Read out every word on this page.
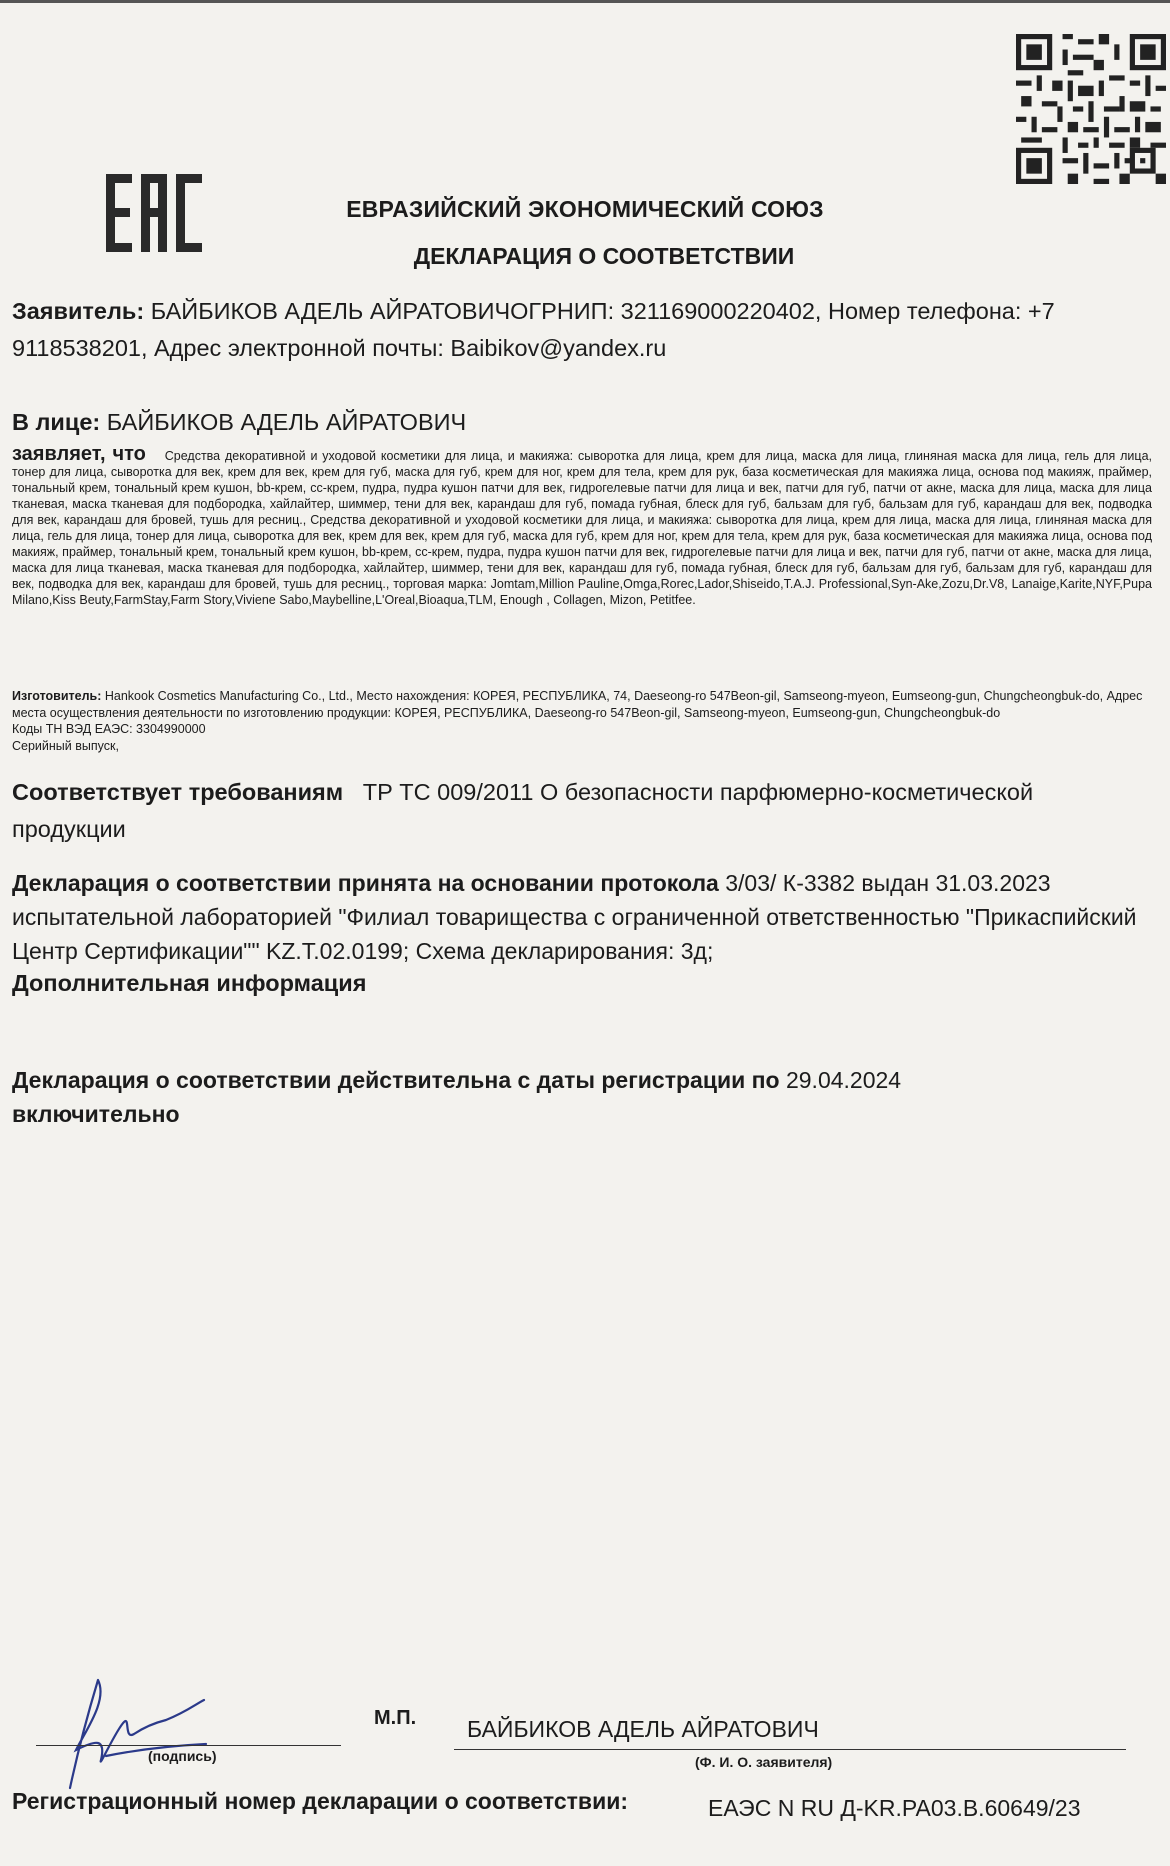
ЕВРАЗИЙСКИЙ ЭКОНОМИЧЕСКИЙ СОЮЗ
ДЕКЛАРАЦИЯ О СООТВЕТСТВИИ
Заявитель: БАЙБИКОВ АДЕЛЬ АЙРАТОВИЧОГРНИП: 321169000220402, Номер телефона: +7 9118538201, Адрес электронной почты: Baibikov@yandex.ru
В лице: БАЙБИКОВ АДЕЛЬ АЙРАТОВИЧ
заявляет, что Средства декоративной и уходовой косметики для лица, и макияжа: сыворотка для лица, крем для лица, маска для лица, глиняная маска для лица, гель для лица, тонер для лица, сыворотка для век, крем для век, крем для губ, маска для губ, крем для ног, крем для тела, крем для рук, база косметическая для макияжа лица, основа под макияж, праймер, тональный крем, тональный крем кушон, bb-крем, cc-крем, пудра, пудра кушон патчи для век, гидрогелевые патчи для лица и век, патчи для губ, патчи от акне, маска для лица, маска для лица тканевая, маска тканевая для подбородка, хайлайтер, шиммер, тени для век, карандаш для губ, помада губная, блеск для губ, бальзам для губ, бальзам для губ, карандаш для век, подводка для век, карандаш для бровей, тушь для ресниц., Средства декоративной и уходовой косметики для лица, и макияжа: сыворотка для лица, крем для лица, маска для лица, глиняная маска для лица, гель для лица, тонер для лица, сыворотка для век, крем для век, крем для губ, маска для губ, крем для ног, крем для тела, крем для рук, база косметическая для макияжа лица, основа под макияж, праймер, тональный крем, тональный крем кушон, bb-крем, cc-крем, пудра, пудра кушон патчи для век, гидрогелевые патчи для лица и век, патчи для губ, патчи от акне, маска для лица, маска для лица тканевая, маска тканевая для подбородка, хайлайтер, шиммер, тени для век, карандаш для губ, помада губная, блеск для губ, бальзам для губ, бальзам для губ, карандаш для век, подводка для век, карандаш для бровей, тушь для ресниц., торговая марка: Jomtam,Million Pauline,Omga,Rorec,Lador,Shiseido,T.A.J. Professional,Syn-Ake,Zozu,Dr.V8, Lanaige,Karite,NYF,Pupa Milano,Kiss Beuty,FarmStay,Farm Story,Viviene Sabo,Maybelline,L'Oreal,Bioaqua,TLM, Enough , Collagen, Mizon, Petitfee.
Изготовитель: Hankook Cosmetics Manufacturing Co., Ltd., Место нахождения: КОРЕЯ, РЕСПУБЛИКА, 74, Daeseong-ro 547Beon-gil, Samseong-myeon, Eumseong-gun, Chungcheongbuk-do, Адрес места осуществления деятельности по изготовлению продукции: КОРЕЯ, РЕСПУБЛИКА, Daeseong-ro 547Beon-gil, Samseong-myeon, Eumseong-gun, Chungcheongbuk-do
Коды ТН ВЭД ЕАЭС: 3304990000
Серийный выпуск,
Соответствует требованиям ТР ТС 009/2011 О безопасности парфюмерно-косметической продукции
Декларация о соответствии принята на основании протокола 3/03/ К-3382 выдан 31.03.2023 испытательной лабораторией "Филиал товарищества с ограниченной ответственностью "Прикаспийский Центр Сертификации"" KZ.T.02.0199; Схема декларирования: 3д;
Дополнительная информация
Декларация о соответствии действительна с даты регистрации по 29.04.2024
включительно
(подпись)
М.П. БАЙБИКОВ АДЕЛЬ АЙРАТОВИЧ
(Ф. И. О. заявителя)
Регистрационный номер декларации о соответствии:	ЕАЭС N RU Д-KR.PA03.B.60649/23
